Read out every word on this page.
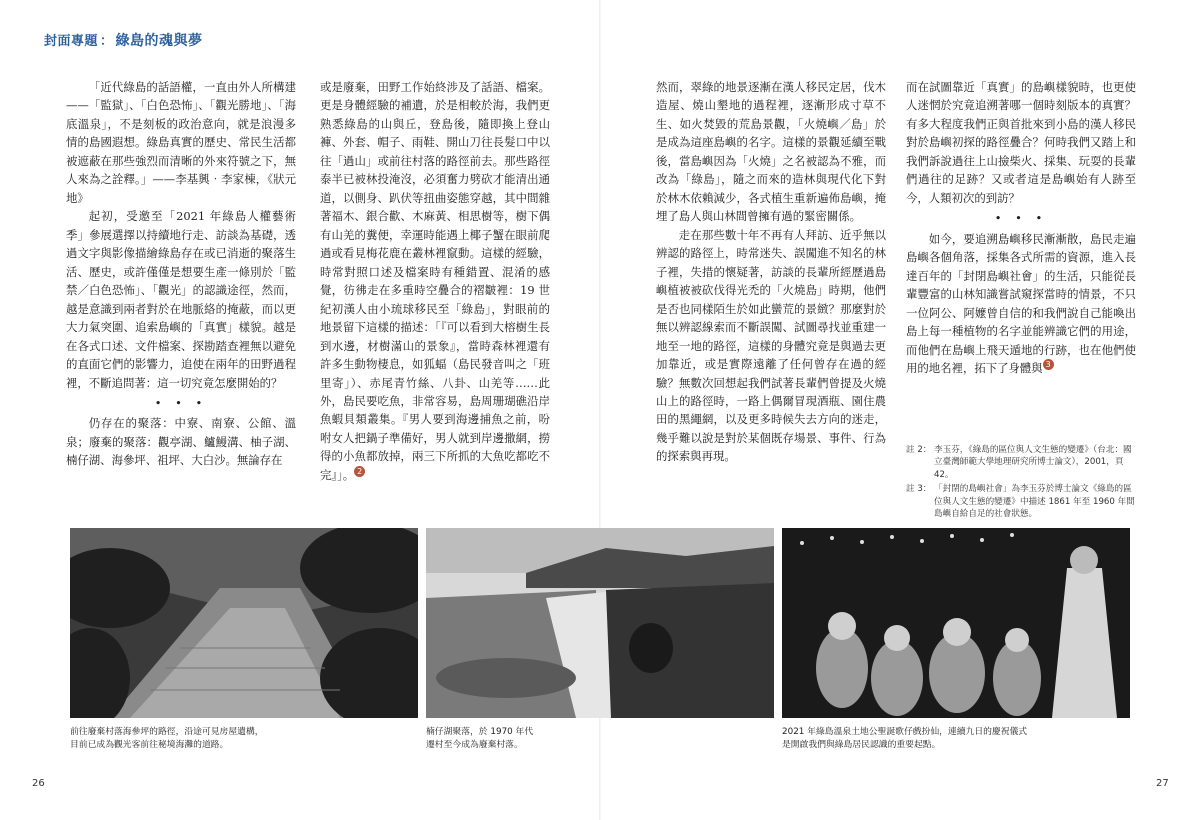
封面專題 ： 綠島的魂與夢

「近代綠島的話語權，一直由外人所構建 ——「監獄」、「白色恐怖」、「觀光勝地」、「海底溫泉」，不是刻板的政治意向，就是浪漫多情的島國遐想。綠島真實的歷史、常民生活都被遮蔽在那些強烈而清晰的外來符號之下，無人來為之詮釋。」——李基興‧李家棟，《狀元地》

起初，受邀至「2021 年綠島人權藝術季」參展選擇以持續地行走、訪談為基礎，透過文字與影像描繪綠島存在或已消逝的聚落生活、歷史，或許僅僅是想要生產一條別於「監禁／白色恐怖」、「觀光」的認識途徑，然而，越是意識到兩者對於在地脈絡的掩蔽，而以更大力氣突圍、追索島嶼的「真實」樣貌。越是在各式口述、文件檔案、探勘踏查裡無以避免的直面它們的影響力，追使在兩年的田野過程裡，不斷追問著：這一切究竟怎麼開始的？

• • •

仍存在的聚落：中寮、南寮、公館、溫泉；廢棄的聚落：觀亭湖、鱸鰻溝、柚子湖、楠仔湖、海參坪、祖坪、大白沙。無論存在

或是廢棄，田野工作始終涉及了話語、檔案。更是身體經驗的補遺，於是相較於海，我們更熟悉綠島的山與丘，登島後，隨即換上登山褲、外套、帽子、雨鞋、開山刀往長髮口中以往「過山」或前往村落的路徑前去。那些路徑泰半已被林投淹沒，必須奮力劈砍才能清出通道，以側身、趴伏等扭曲姿態穿越，其中間雜著福木、銀合歡、木麻黃、相思樹等，樹下偶有山羌的糞便，幸運時能遇上椰子蟹在眼前爬過或看見梅花鹿在叢林裡竄動。這樣的經驗，時常對照口述及檔案時有種錯置、混淆的感覺，彷彿走在多重時空疊合的褶皺裡：19 世紀初漢人由小琉球移民至「綠島」，對眼前的地景留下這樣的描述：「『可以看到大榕樹生長到水邊，材樹滿山的景象』，當時森林裡還有許多生動物棲息，如狐蝠（島民發音叫之「班里寄」）、赤尾青竹絲、八卦、山羌等……此外，島民要吃魚，非常容易，島周珊瑚礁沿岸魚蝦貝類叢集。『男人要到海邊捕魚之前，吩咐女人把鍋子準備好，男人就到岸邊撒網，撈得的小魚都放掉，兩三下所抓的大魚吃都吃不完』」。 2

然而，翠綠的地景逐漸在漢人移民定居，伐木造屋、燒山墾地的過程裡，逐漸形成寸草不生、如火焚毀的荒島景觀，「火燒嶼／島」於是成為這座島嶼的名字。這樣的景觀延續至戰後，當島嶼因為「火燒」之名被認為不雅，而改為「綠島」，隨之而來的造林與現代化下對於林木依賴減少，各式植生重新遍佈島嶼，掩埋了島人與山林間曾擁有過的緊密關係。

走在那些數十年不再有人拜訪、近乎無以辨認的路徑上，時常迷失、誤闖進不知名的林子裡，失措的懷疑著，訪談的長輩所經歷過島嶼植被被砍伐得光禿的「火燒島」時期，他們是否也同樣陌生於如此蠻荒的景緻？那麼對於無以辨認線索而不斷誤闖、試圖尋找並重建一地至一地的路徑，這樣的身體究竟是與過去更加靠近，或是實際遠離了任何曾存在過的經驗？無數次回想起我們試著長輩們曾提及火燒山上的路徑時，一路上偶爾冒現酒瓶、園住農田的黑繩網，以及更多時候失去方向的迷走，幾乎難以說是對於某個既存場景、事件、行為的探索與再現。

而在試圖靠近「真實」的島嶼樣貌時，也更使人迷惘於究竟追溯著哪一個時刻版本的真實？有多大程度我們正與首批來到小島的漢人移民對於島嶼初探的路徑疊合？何時我們又踏上和我們訴說過往上山撿柴火、採集、玩耍的長輩們過往的足跡？又或者這是島嶼始有人跡至今，人類初次的到訪？

• • •

如今，要追溯島嶼移民漸漸散，島民走遍島嶼各個角落，採集各式所需的資源，進入長達百年的「封閉島嶼社會」的生活，只能從長輩豐富的山林知識嘗試窺探當時的情景，不只一位阿公、阿嬤曾自信的和我們說自己能喚出島上每一種植物的名字並能辨識它們的用途，而他們在島嶼上飛天遁地的行跡，也在他們使用的地名裡，拓下了身體與 3

註 2： 李玉芬，《綠島的區位與人文生態的變遷》（台北：國立臺灣師範大學地理研究所博士論文），2001，頁 42。
註 3： 「封閉的島嶼社會」為李玉芬於博士論文《綠島的區位與人文生態的變遷》中描述 1861 年至 1960 年間島嶼自給自足的社會狀態。
前往廢棄村落海參坪的路徑，沿途可見房屋遺構，
目前已成為觀光客前往秘境海灘的道路。
楠仔湖聚落，於 1970 年代
遷村至今成為廢棄村落。
2021 年綠島溫泉土地公聖誕歌仔戲扮仙，連續九日的慶祝儀式
是開啟我們與綠島居民認識的重要起點。
26	27
